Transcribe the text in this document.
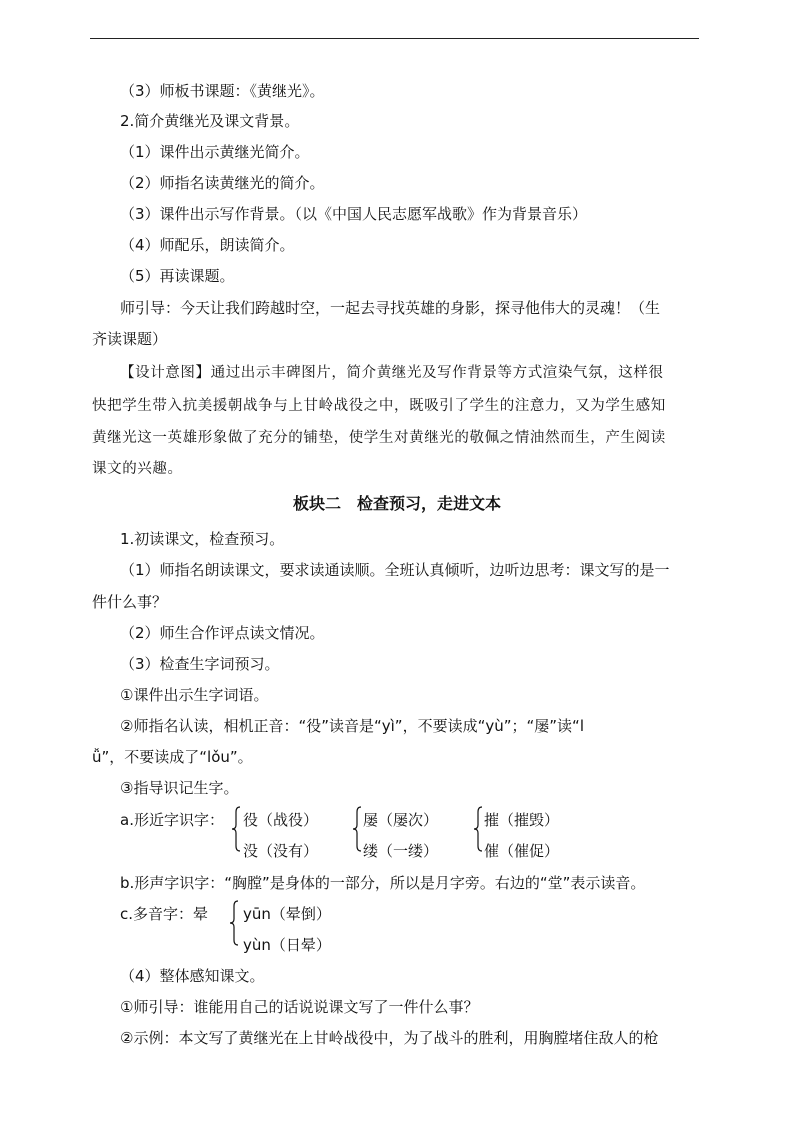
（3）师板书课题：《黄继光》。
2.简介黄继光及课文背景。
（1）课件出示黄继光简介。
（2）师指名读黄继光的简介。
（3）课件出示写作背景。（以《中国人民志愿军战歌》作为背景音乐）
（4）师配乐，朗读简介。
（5）再读课题。
师引导：今天让我们跨越时空，一起去寻找英雄的身影，探寻他伟大的灵魂！（生
齐读课题）
【设计意图】通过出示丰碑图片，简介黄继光及写作背景等方式渲染气氛，这样很
快把学生带入抗美援朝战争与上甘岭战役之中，既吸引了学生的注意力，又为学生感知
黄继光这一英雄形象做了充分的铺垫，使学生对黄继光的敬佩之情油然而生，产生阅读
课文的兴趣。
板块二　检查预习，走进文本
1.初读课文，检查预习。
（1）师指名朗读课文，要求读通读顺。全班认真倾听，边听边思考：课文写的是一
件什么事？
（2）师生合作评点读文情况。
（3）检查生字词预习。
①课件出示生字词语。
②师指名认读，相机正音：“役”读音是“yì”，不要读成“yù”；“屡”读“l
ǚ”，不要读成了“lǒu”。
③指导识记生字。
a.形近字识字： 役（战役）
没（没有）
屡（屡次）
缕（一缕）
摧（摧毁）
催（催促）
b.形声字识字：“胸膛”是身体的一部分，所以是月字旁。右边的“堂”表示读音。
c.多音字：晕 yūn（晕倒）
yùn（日晕）
（4）整体感知课文。
①师引导：谁能用自己的话说说课文写了一件什么事？
②示例：本文写了黄继光在上甘岭战役中，为了战斗的胜利，用胸膛堵住敌人的枪
